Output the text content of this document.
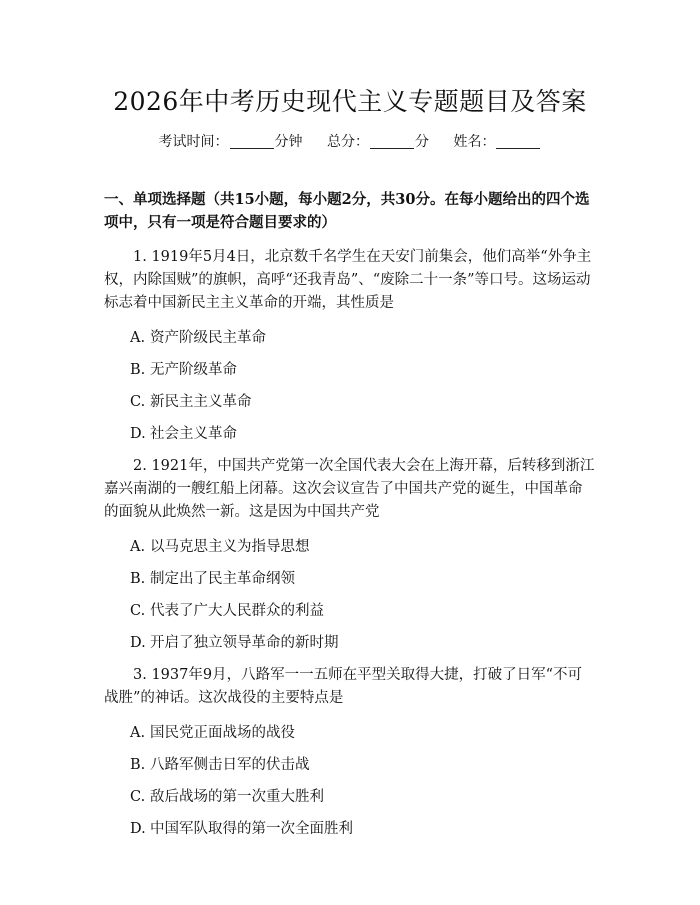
2026年中考历史现代主义专题题目及答案
考试时间：	分钟 总分：	分 姓名：
一、单项选择题（共15小题，每小题2分，共30分。在每小题给出的四个选项中，只有一项是符合题目要求的）
1. 1919年5月4日，北京数千名学生在天安门前集会，他们高举“外争主权，内除国贼”的旗帜，高呼“还我青岛”、“废除二十一条”等口号。这场运动标志着中国新民主主义革命的开端，其性质是
A. 资产阶级民主革命
B. 无产阶级革命
C. 新民主主义革命
D. 社会主义革命
2. 1921年，中国共产党第一次全国代表大会在上海开幕，后转移到浙江嘉兴南湖的一艘红船上闭幕。这次会议宣告了中国共产党的诞生，中国革命的面貌从此焕然一新。这是因为中国共产党
A. 以马克思主义为指导思想
B. 制定出了民主革命纲领
C. 代表了广大人民群众的利益
D. 开启了独立领导革命的新时期
3. 1937年9月，八路军一一五师在平型关取得大捷，打破了日军“不可战胜”的神话。这次战役的主要特点是
A. 国民党正面战场的战役
B. 八路军侧击日军的伏击战
C. 敌后战场的第一次重大胜利
D. 中国军队取得的第一次全面胜利
